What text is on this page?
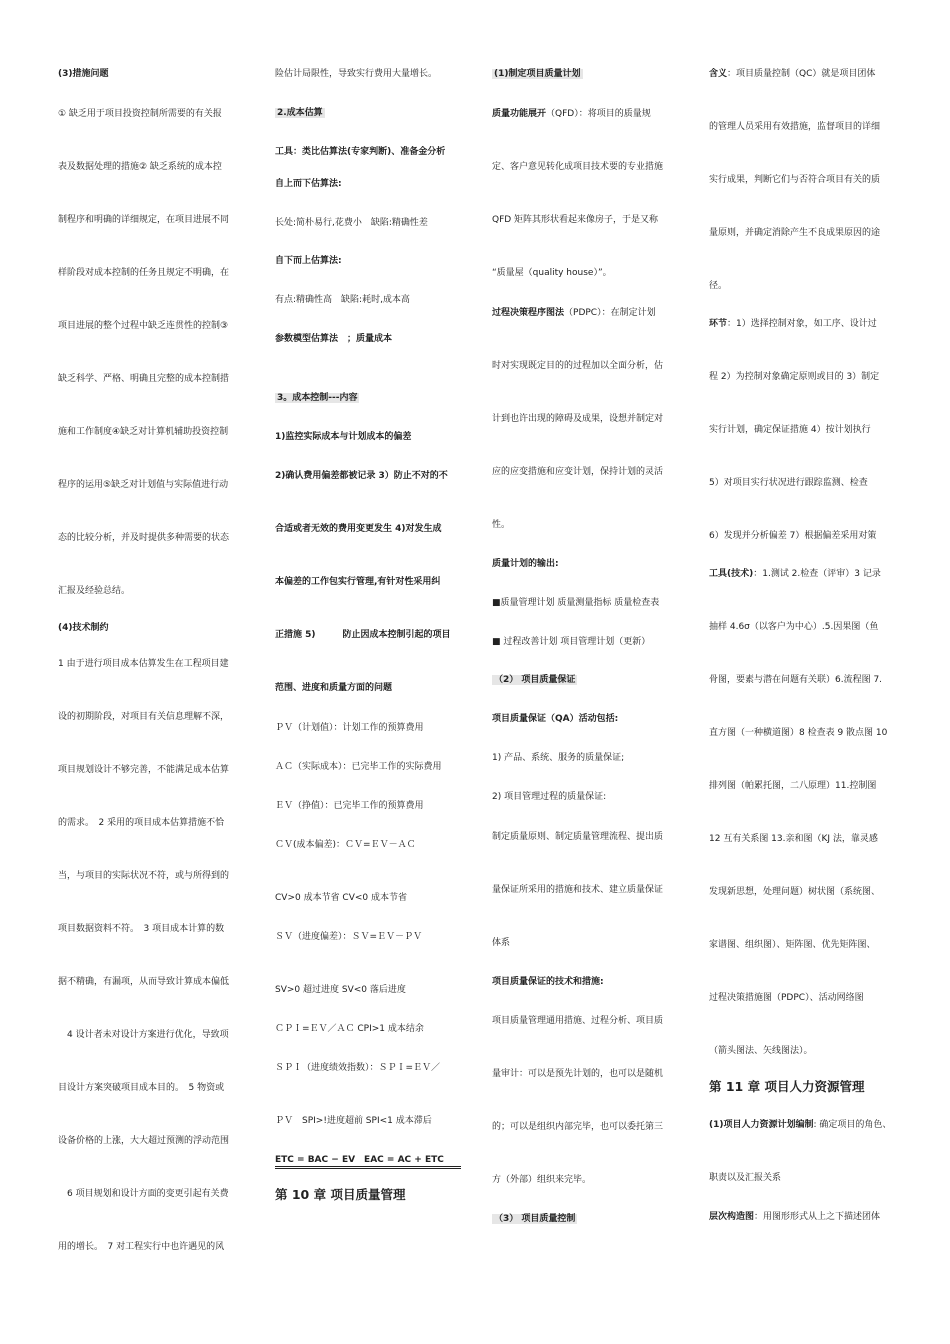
(3)措施问题
① 缺乏用于项目投资控制所需要的有关报
表及数据处理的措施② 缺乏系统的成本控
制程序和明确的详细规定，在项目进展不同
样阶段对成本控制的任务且规定不明确，在
项目进展的整个过程中缺乏连贯性的控制③
缺乏科学、严格、明确且完整的成本控制措
施和工作制度④缺乏对计算机辅助投资控制
程序的运用⑤缺乏对计划值与实际值进行动
态的比较分析，并及时提供多种需要的状态
汇报及经验总结。
(4)技术制约
1 由于进行项目成本估算发生在工程项目建
设的初期阶段，对项目有关信息理解不深，
项目规划设计不够完善，不能满足成本估算
的需求。　2 采用的项目成本估算措施不恰
当，与项目的实际状况不符，或与所得到的
项目数据资料不符。　3 项目成本计算的数
据不精确，有漏项，从而导致计算成本偏低
　4 设计者未对设计方案进行优化，导致项
目设计方案突破项目成本目的。　5 物资或
设备价格的上涨，大大超过预测的浮动范围
　6 项目规划和设计方面的变更引起有关费
用的增长。　7 对工程实行中也许遇见的风
险估计局限性，导致实行费用大量增长。
2.成本估算
工具：类比估算法(专家判断)、准备金分析
自上而下估算法:
长处:简朴易行,花费小　缺陷:精确性差
自下而上估算法:
有点:精确性高　缺陷:耗时,成本高
参数模型估算法　；质量成本
3。成本控制---内容
1)监控实际成本与计划成本的偏差
2)确认费用偏差都被记录 3）防止不对的不
合适或者无效的费用变更发生 4)对发生成
本偏差的工作包实行管理,有针对性采用纠
正措施 5)　　　防止因成本控制引起的项目
范围、进度和质量方面的问题
ＰＶ（计划值）：计划工作的预算费用
ＡＣ（实际成本）：已完毕工作的实际费用
ＥＶ（挣值）：已完毕工作的预算费用
ＣＶ(成本偏差)：ＣＶ=ＥＶ－ＡＣ
CV>0 成本节省 CV<0 成本节省
ＳＶ（进度偏差）：ＳＶ=ＥＶ－ＰＶ
SV>0 超过进度 SV<0 落后进度
ＣＰＩ=ＥＶ／ＡＣ CPI>1 成本结余
ＳＰＩ（进度绩效指数）：ＳＰＩ=ＥＶ／
ＰＶ　SPI>!进度超前 SPI<1 成本滞后
ETC = BAC − EV　EAC = AC + ETC
第 10 章 项目质量管理
(1)制定项目质量计划
质量功能展开（QFD）：将项目的质量规
定、客户意见转化成项目技术要的专业措施
QFD 矩阵其形状看起来像房子，于是又称
“质量屋（quality house）”。
过程决策程序图法（PDPC）：在制定计划
时对实现既定目的的过程加以全面分析，估
计到也许出现的障碍及成果，设想并制定对
应的应变措施和应变计划，保持计划的灵活
性。
质量计划的输出:
■质量管理计划 质量测量指标 质量检查表
■ 过程改善计划 项目管理计划（更新）
（2） 项目质量保证
项目质量保证（QA）活动包括:
1) 产品、系统、服务的质量保证;
2) 项目管理过程的质量保证:
制定质量原则、制定质量管理流程、提出质
量保证所采用的措施和技术、建立质量保证
体系
项目质量保证的技术和措施:
项目质量管理通用措施、过程分析、项目质
量审计：可以是预先计划的，也可以是随机
的；可以是组织内部完毕，也可以委托第三
方（外部）组织来完毕。
（3） 项目质量控制
含义：项目质量控制（QC）就是项目团体
的管理人员采用有效措施，监督项目的详细
实行成果，判断它们与否符合项目有关的质
量原则，并确定消除产生不良成果原因的途
径。
环节：1）选择控制对象，如工序、设计过
程 2）为控制对象确定原则或目的 3）制定
实行计划，确定保证措施 4）按计划执行
5）对项目实行状况进行跟踪监测、检查
6）发现并分析偏差 7）根据偏差采用对策
工具(技术)：1.测试 2.检查（评审）3 记录
抽样 4.6σ（以客户为中心）.5.因果图（鱼
骨图，要素与潜在问题有关联）6.流程图 7.
直方图（一种横道图）8 检查表 9 散点图 10
排列图（帕累托图，二八原理）11.控制图
12 互有关系图 13.亲和图（KJ 法，靠灵感
发现新思想，处理问题）树状图（系统图、
家谱图、组织图）、矩阵图、优先矩阵图、
过程决策措施图（PDPC）、活动网络图
（箭头图法、矢线图法）。
第 11 章 项目人力资源管理
(1)项目人力资源计划编制: 确定项目的角色、
职责以及汇报关系
层次构造图：用图形形式从上之下描述团体
